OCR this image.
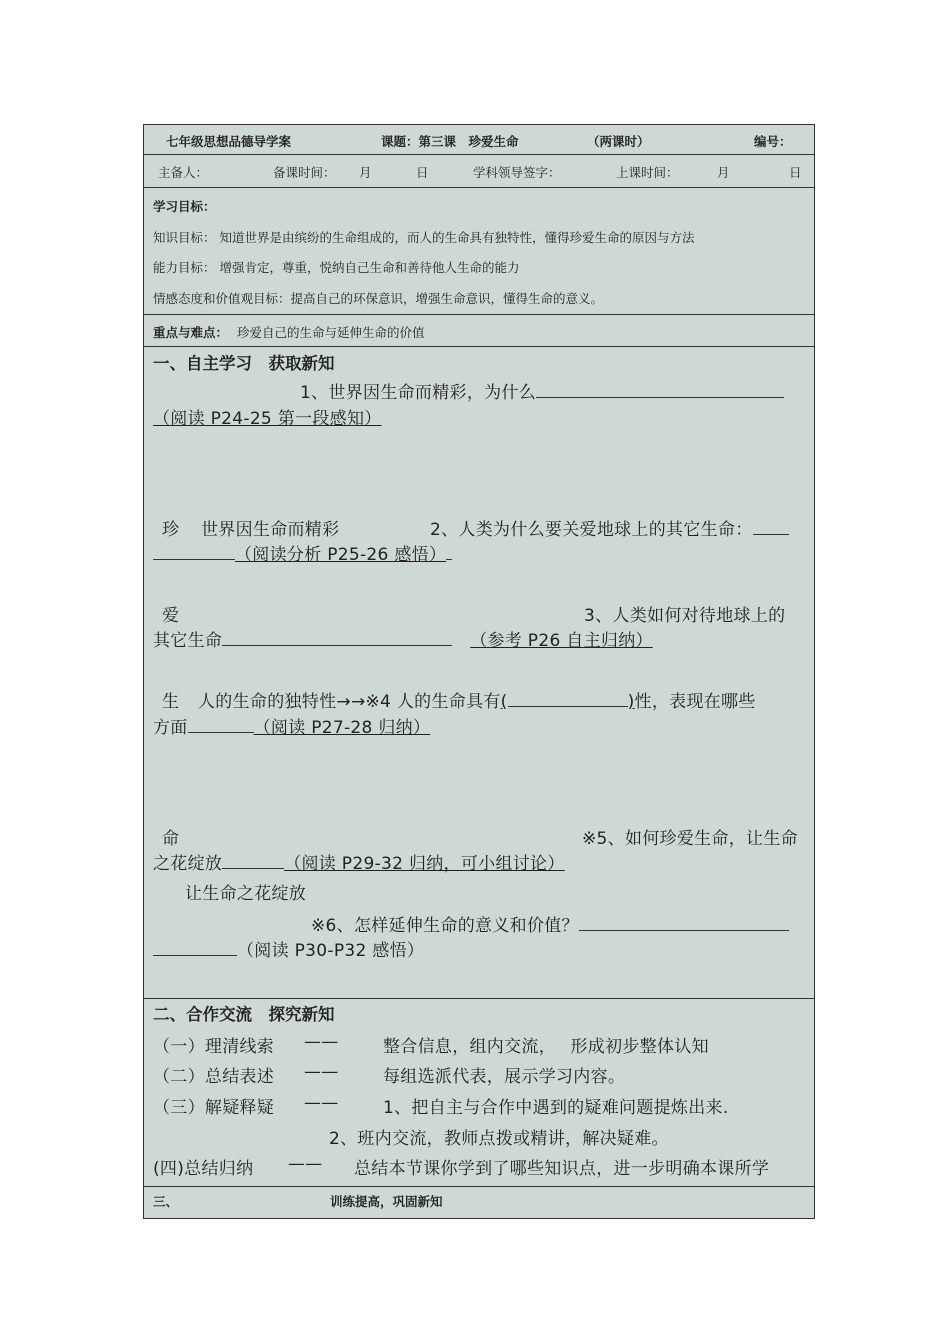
七年级思想品德导学案	课题：第三课　珍爱生命	（两课时）	编号：
主备人：	备课时间： 月	日	学科领导签字：	上课时间：	月	日
学习目标：
知识目标： 知道世界是由缤纷的生命组成的，而人的生命具有独特性，懂得珍爱生命的原因与方法
能力目标： 增强肯定，尊重，悦纳自己生命和善待他人生命的能力
情感态度和价值观目标：提高自己的环保意识，增强生命意识，懂得生命的意义。
重点与难点： 珍爱自己的生命与延伸生命的价值
一、自主学习　获取新知
1、世界因生命而精彩，为什么
（阅读 P24-25 第一段感知）
珍 世界因生命而精彩	2、人类为什么要关爱地球上的其它生命：
（阅读分析 P25-26 感悟）
爱	3、人类如何对待地球上的
其它生命	（参考 P26 自主归纳）
生 人的生命的独特性→→※4 人的生命具有(	)性，表现在哪些
方面	（阅读 P27-28 归纳）
命	※5、如何珍爱生命，让生命
之花绽放	（阅读 P29-32 归纳，可小组讨论）
让生命之花绽放
※6、怎样延伸生命的意义和价值？
（阅读 P30-P32 感悟）
二、合作交流　探究新知
（一）理清线索 ——	整合信息，组内交流，　 形成初步整体认知
（二）总结表述 ——	每组选派代表，展示学习内容。
（三）解疑释疑 ——	1、把自主与合作中遇到的疑难问题提炼出来.
2、班内交流，教师点拨或精讲，解决疑难。
(四)总结归纳 —— 总结本节课你学到了哪些知识点，进一步明确本课所学
三、	训练提高，巩固新知
